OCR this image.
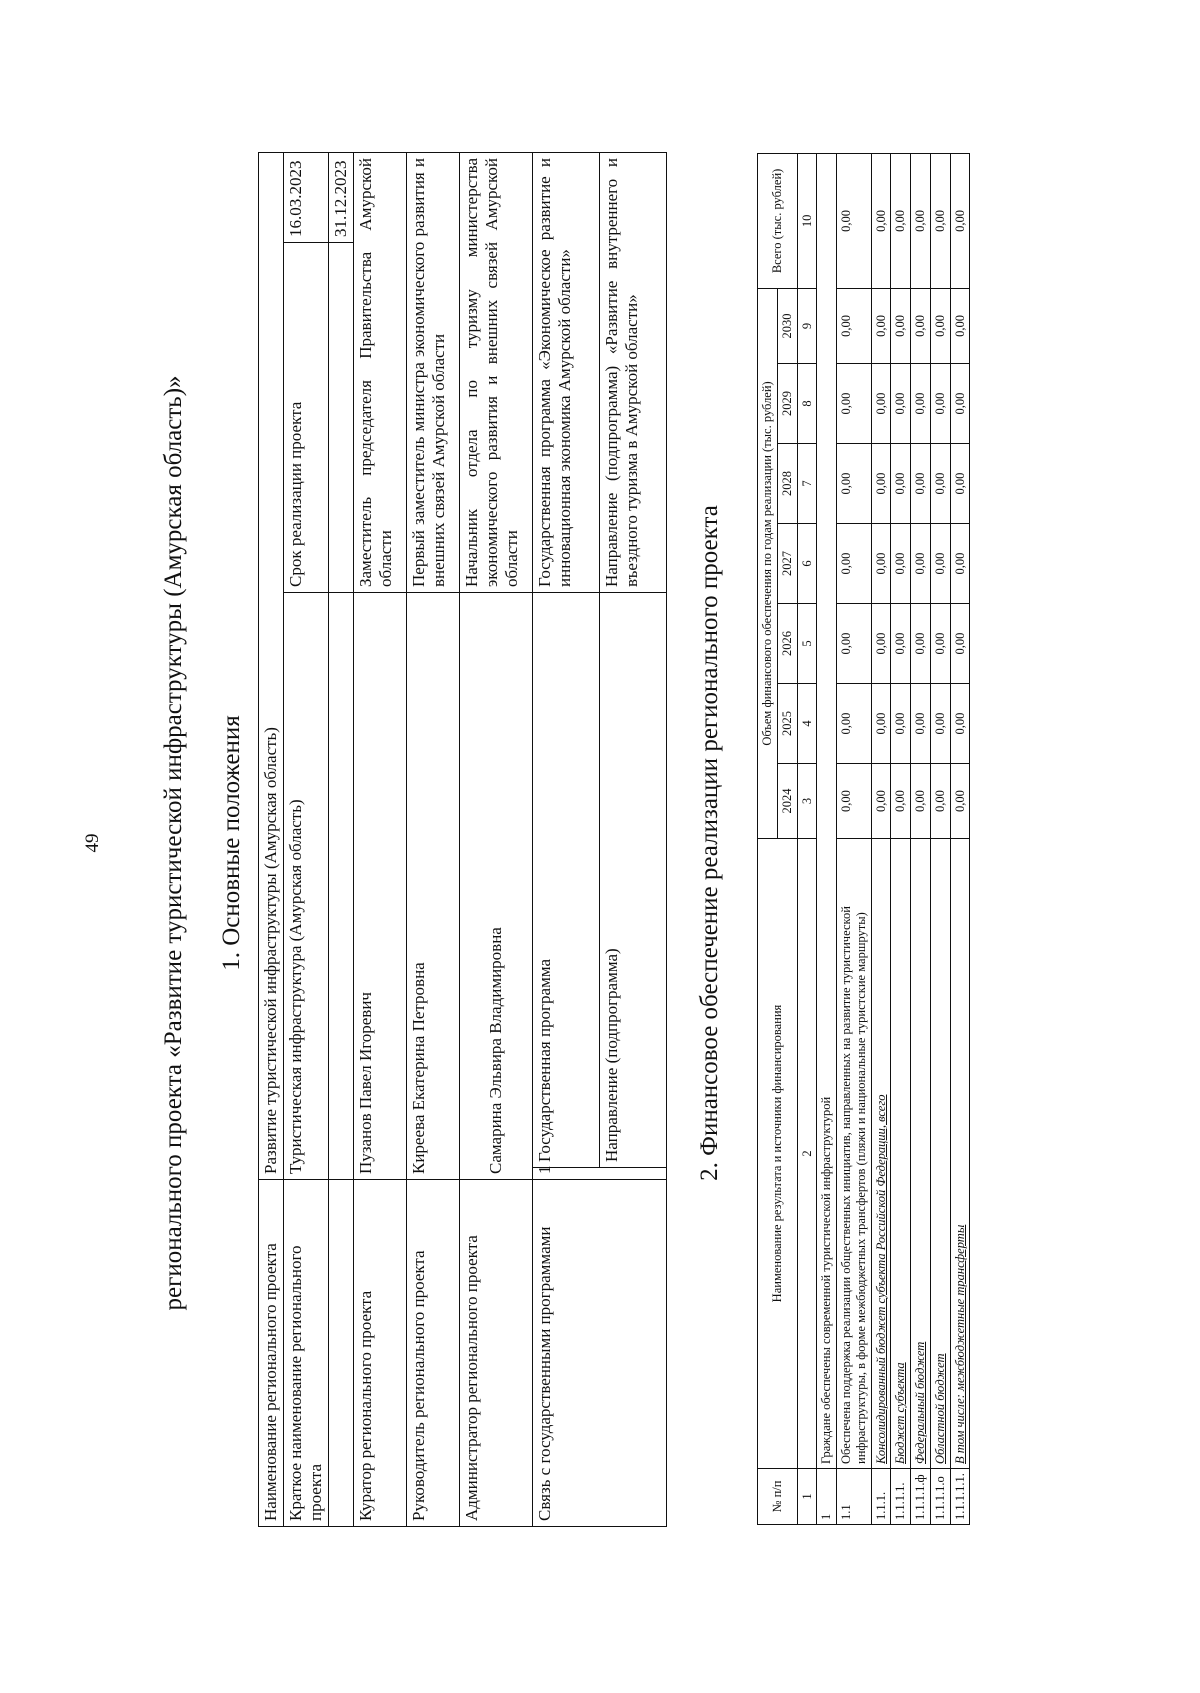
49 регионального проекта «Развитие туристической инфраструктуры (Амурская область)» 1. Основные положения
Наименование регионального проекта	Развитие туристической инфраструктуры (Амурская область)			
Краткое наименование регионального проекта	Туристическая инфраструктура (Амурская область)		Срок реализации проекта	16.03.2023
				31.12.2023
Куратор регионального проекта	Пузанов Павел Игоревич		Заместитель председателя Правительства Амурской области	
Руководитель регионального проекта	Киреева Екатерина Петровна		Первый заместитель министра экономического развития и внешних связей Амурской области	
Администратор регионального проекта	Самарина Эльвира Владимировна		Начальник отдела по туризму министерства экономического развития и внешних связей Амурской области	
Связь с государственными программами	1	Государственная программа	Государственная программа «Экономическое развитие и инновационная экономика Амурской области»	
		Направление (подпрограмма)	Направление (подпрограмма) «Развитие внутреннего и въездного туризма в Амурской области»	
2. Финансовое обеспечение реализации регионального проекта
№ п/п	Наименование результата и источники финансирования	Объем финансового обеспечения по годам реализации (тыс. рублей)							Всего (тыс. рублей)
		2024	2025	2026	2027	2028	2029	2030	
1	2	3	4	5	6	7	8	9	10
1	Граждане обеспечены современной туристической инфраструктурой								
1.1	Обеспечена поддержка реализации общественных инициатив, направленных на развитие туристической инфраструктуры, в форме межбюджетных трансфертов (пляжи и национальные туристские маршруты)	0,00	0,00	0,00	0,00	0,00	0,00	0,00	0,00
1.1.1.	Консолидированный бюджет субъекта Российской Федерации, всего	0,00	0,00	0,00	0,00	0,00	0,00	0,00	0,00
1.1.1.1.	Бюджет субъекта	0,00	0,00	0,00	0,00	0,00	0,00	0,00	0,00
1.1.1.1.ф	Федеральный бюджет	0,00	0,00	0,00	0,00	0,00	0,00	0,00	0,00
1.1.1.1.о	Областной бюджет	0,00	0,00	0,00	0,00	0,00	0,00	0,00	0,00
1.1.1.1.1.	В том числе: межбюджетные трансферты	0,00	0,00	0,00	0,00	0,00	0,00	0,00	0,00
